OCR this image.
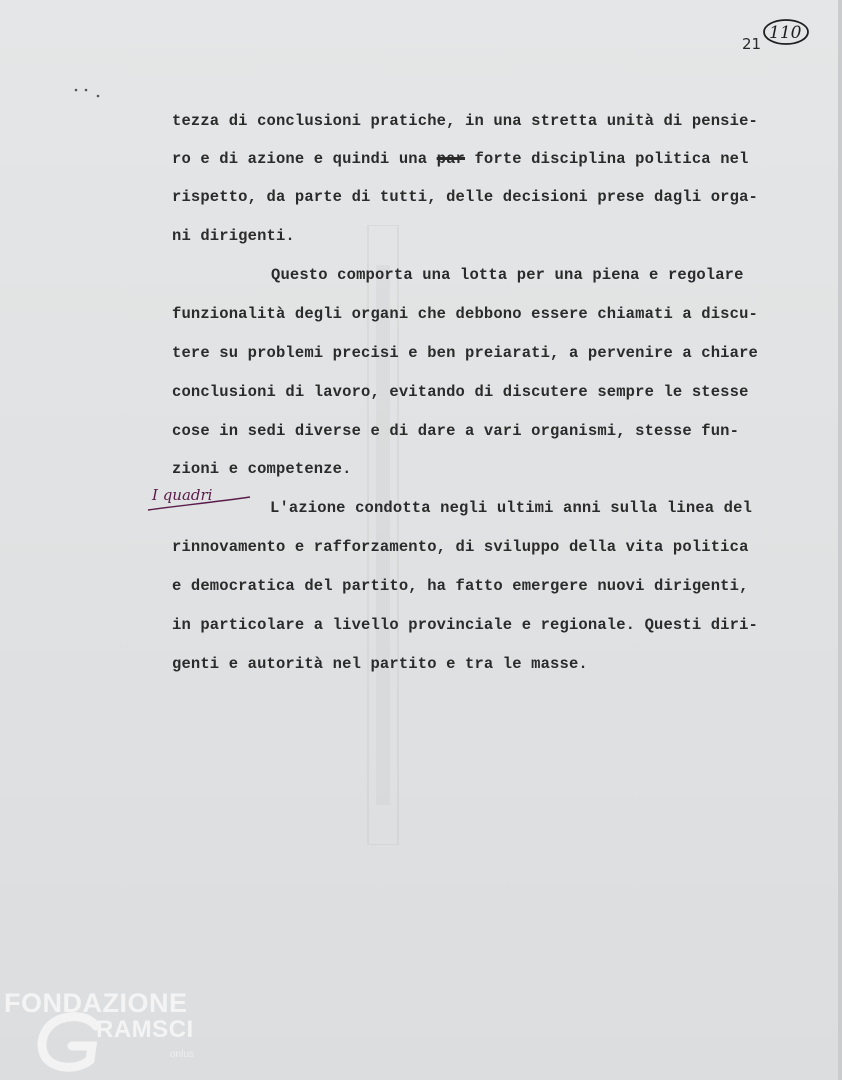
21
110
tezza di conclusioni pratiche, in una stretta unità di pensie-
ro e di azione e quindi una par forte disciplina politica nel
rispetto, da parte di tutti, delle decisioni prese dagli orga-
ni dirigenti.
Questo comporta una lotta per una piena e regolare
funzionalità degli organi che debbono essere chiamati a discu-
tere su problemi precisi e ben preiarati, a pervenire a chiare
conclusioni di lavoro, evitando di discutere sempre le stesse
cose in sedi diverse e di dare a vari organismi, stesse fun-
zioni e competenze.
I quadri
L'azione condotta negli ultimi anni sulla linea del
rinnovamento e rafforzamento, di sviluppo della vita politica
e democratica del partito, ha fatto emergere nuovi dirigenti,
in particolare a livello provinciale e regionale. Questi diri-
genti e autorità nel partito e tra le masse.
FONDAZIONE
RAMSCI
onlus
